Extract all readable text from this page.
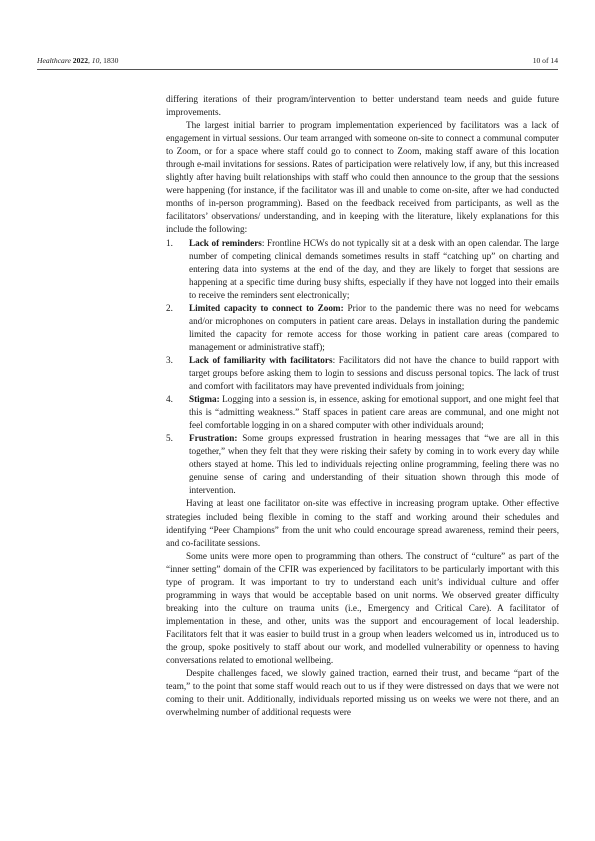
Healthcare 2022, 10, 1830	10 of 14

differing iterations of their program/intervention to better understand team needs and guide future improvements.

The largest initial barrier to program implementation experienced by facilitators was a lack of engagement in virtual sessions. Our team arranged with someone on-site to connect a communal computer to Zoom, or for a space where staff could go to connect to Zoom, making staff aware of this location through e-mail invitations for sessions. Rates of participation were relatively low, if any, but this increased slightly after having built relationships with staff who could then announce to the group that the sessions were happening (for instance, if the facilitator was ill and unable to come on-site, after we had conducted months of in-person programming). Based on the feedback received from participants, as well as the facilitators’ observations/ understanding, and in keeping with the literature, likely explanations for this include the following:

1. Lack of reminders: Frontline HCWs do not typically sit at a desk with an open calendar. The large number of competing clinical demands sometimes results in staff “catching up” on charting and entering data into systems at the end of the day, and they are likely to forget that sessions are happening at a specific time during busy shifts, especially if they have not logged into their emails to receive the reminders sent electronically;
2. Limited capacity to connect to Zoom: Prior to the pandemic there was no need for webcams and/or microphones on computers in patient care areas. Delays in installation during the pandemic limited the capacity for remote access for those working in patient care areas (compared to management or administrative staff);
3. Lack of familiarity with facilitators: Facilitators did not have the chance to build rapport with target groups before asking them to login to sessions and discuss personal topics. The lack of trust and comfort with facilitators may have prevented individuals from joining;
4. Stigma: Logging into a session is, in essence, asking for emotional support, and one might feel that this is “admitting weakness.” Staff spaces in patient care areas are communal, and one might not feel comfortable logging in on a shared computer with other individuals around;
5. Frustration: Some groups expressed frustration in hearing messages that “we are all in this together,” when they felt that they were risking their safety by coming in to work every day while others stayed at home. This led to individuals rejecting online programming, feeling there was no genuine sense of caring and understanding of their situation shown through this mode of intervention.

Having at least one facilitator on-site was effective in increasing program uptake. Other effective strategies included being flexible in coming to the staff and working around their schedules and identifying “Peer Champions” from the unit who could encourage spread awareness, remind their peers, and co-facilitate sessions.

Some units were more open to programming than others. The construct of “culture” as part of the “inner setting” domain of the CFIR was experienced by facilitators to be particularly important with this type of program. It was important to try to understand each unit’s individual culture and offer programming in ways that would be acceptable based on unit norms. We observed greater difficulty breaking into the culture on trauma units (i.e., Emergency and Critical Care). A facilitator of implementation in these, and other, units was the support and encouragement of local leadership. Facilitators felt that it was easier to build trust in a group when leaders welcomed us in, introduced us to the group, spoke positively to staff about our work, and modelled vulnerability or openness to having conversations related to emotional wellbeing.

Despite challenges faced, we slowly gained traction, earned their trust, and became “part of the team,” to the point that some staff would reach out to us if they were distressed on days that we were not coming to their unit. Additionally, individuals reported missing us on weeks we were not there, and an overwhelming number of additional requests were
